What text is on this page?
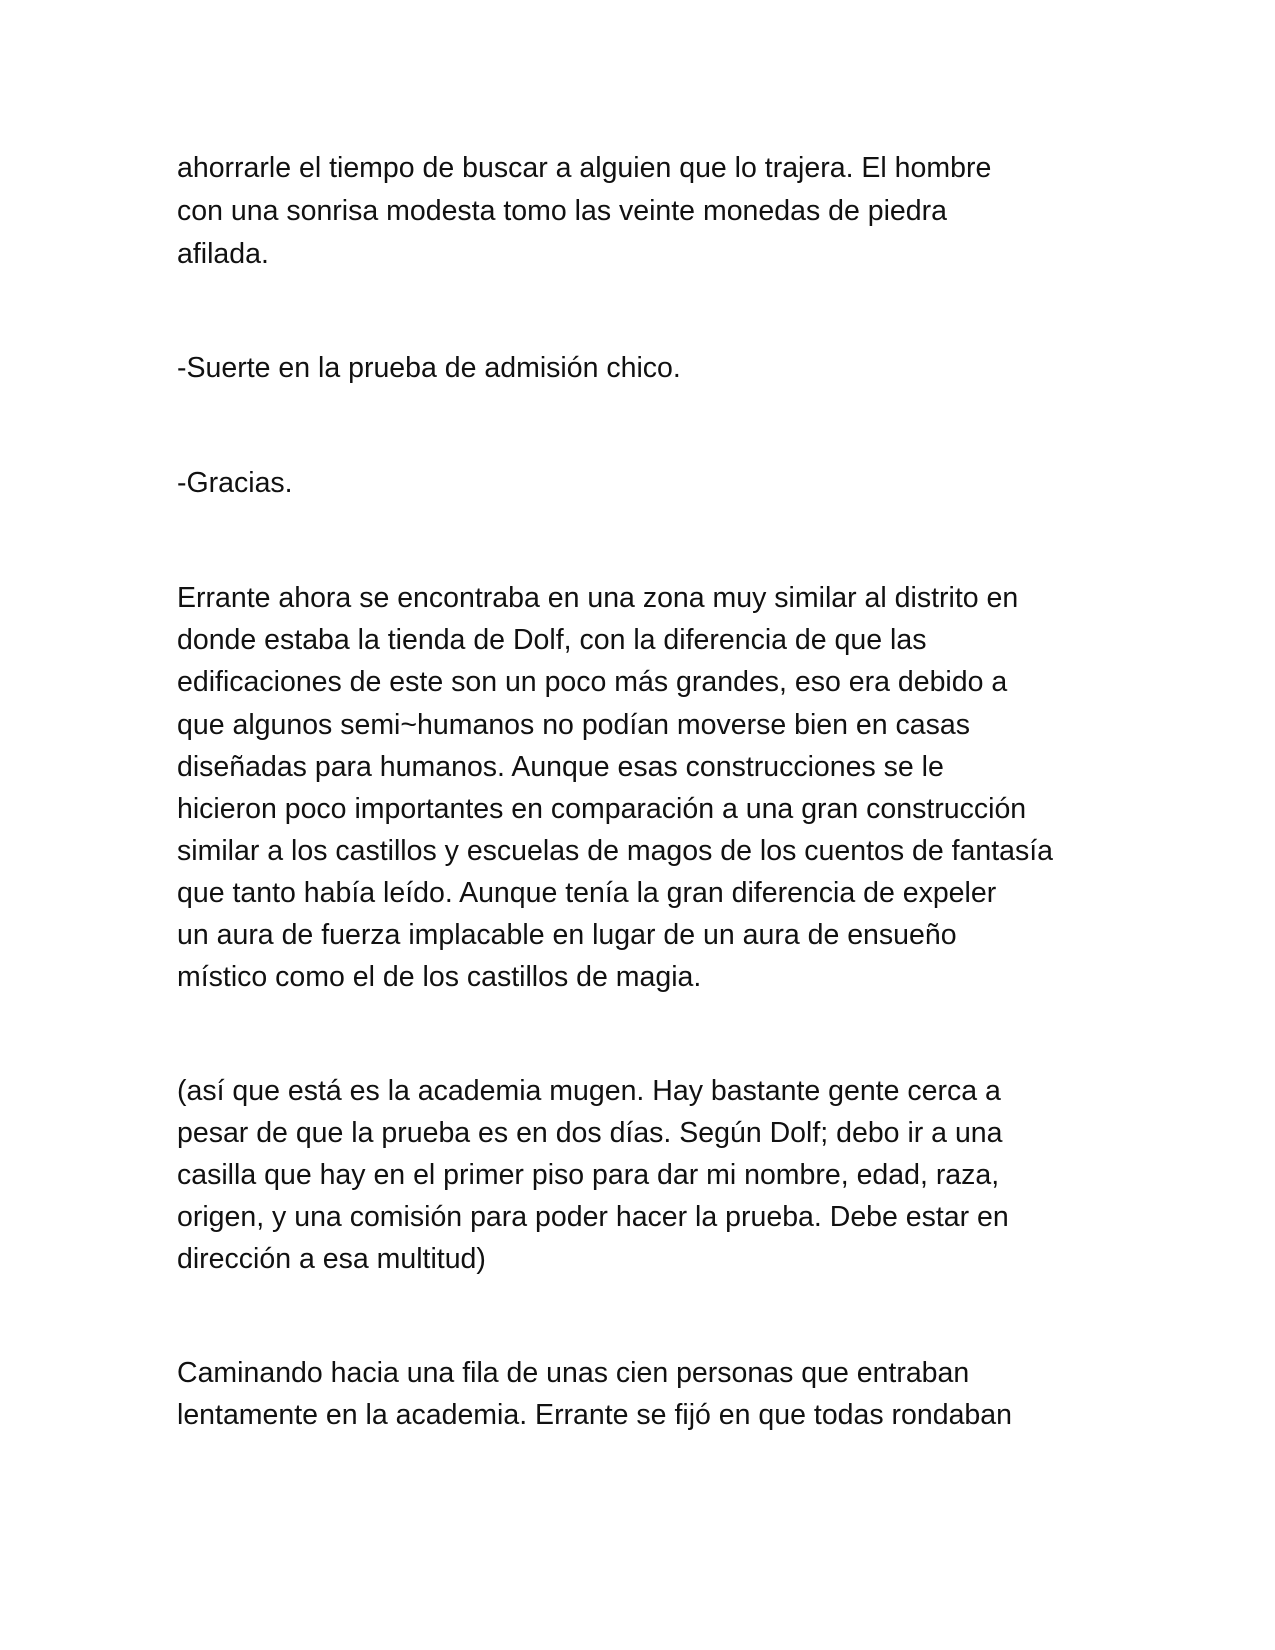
ahorrarle el tiempo de buscar a alguien que lo trajera. El hombre

con una sonrisa modesta tomo las veinte monedas de piedra

afilada.

-Suerte en la prueba de admisión chico.

-Gracias.

Errante ahora se encontraba en una zona muy similar al distrito en

donde estaba la tienda de Dolf, con la diferencia de que las

edificaciones de este son un poco más grandes, eso era debido a

que algunos semi~humanos no podían moverse bien en casas

diseñadas para humanos. Aunque esas construcciones se le

hicieron poco importantes en comparación a una gran construcción

similar a los castillos y escuelas de magos de los cuentos de fantasía

que tanto había leído. Aunque tenía la gran diferencia de expeler

un aura de fuerza implacable en lugar de un aura de ensueño

místico como el de los castillos de magia.

(así que está es la academia mugen. Hay bastante gente cerca a

pesar de que la prueba es en dos días. Según Dolf; debo ir a una

casilla que hay en el primer piso para dar mi nombre, edad, raza,

origen, y una comisión para poder hacer la prueba. Debe estar en

dirección a esa multitud)

Caminando hacia una fila de unas cien personas que entraban

lentamente en la academia. Errante se fijó en que todas rondaban
